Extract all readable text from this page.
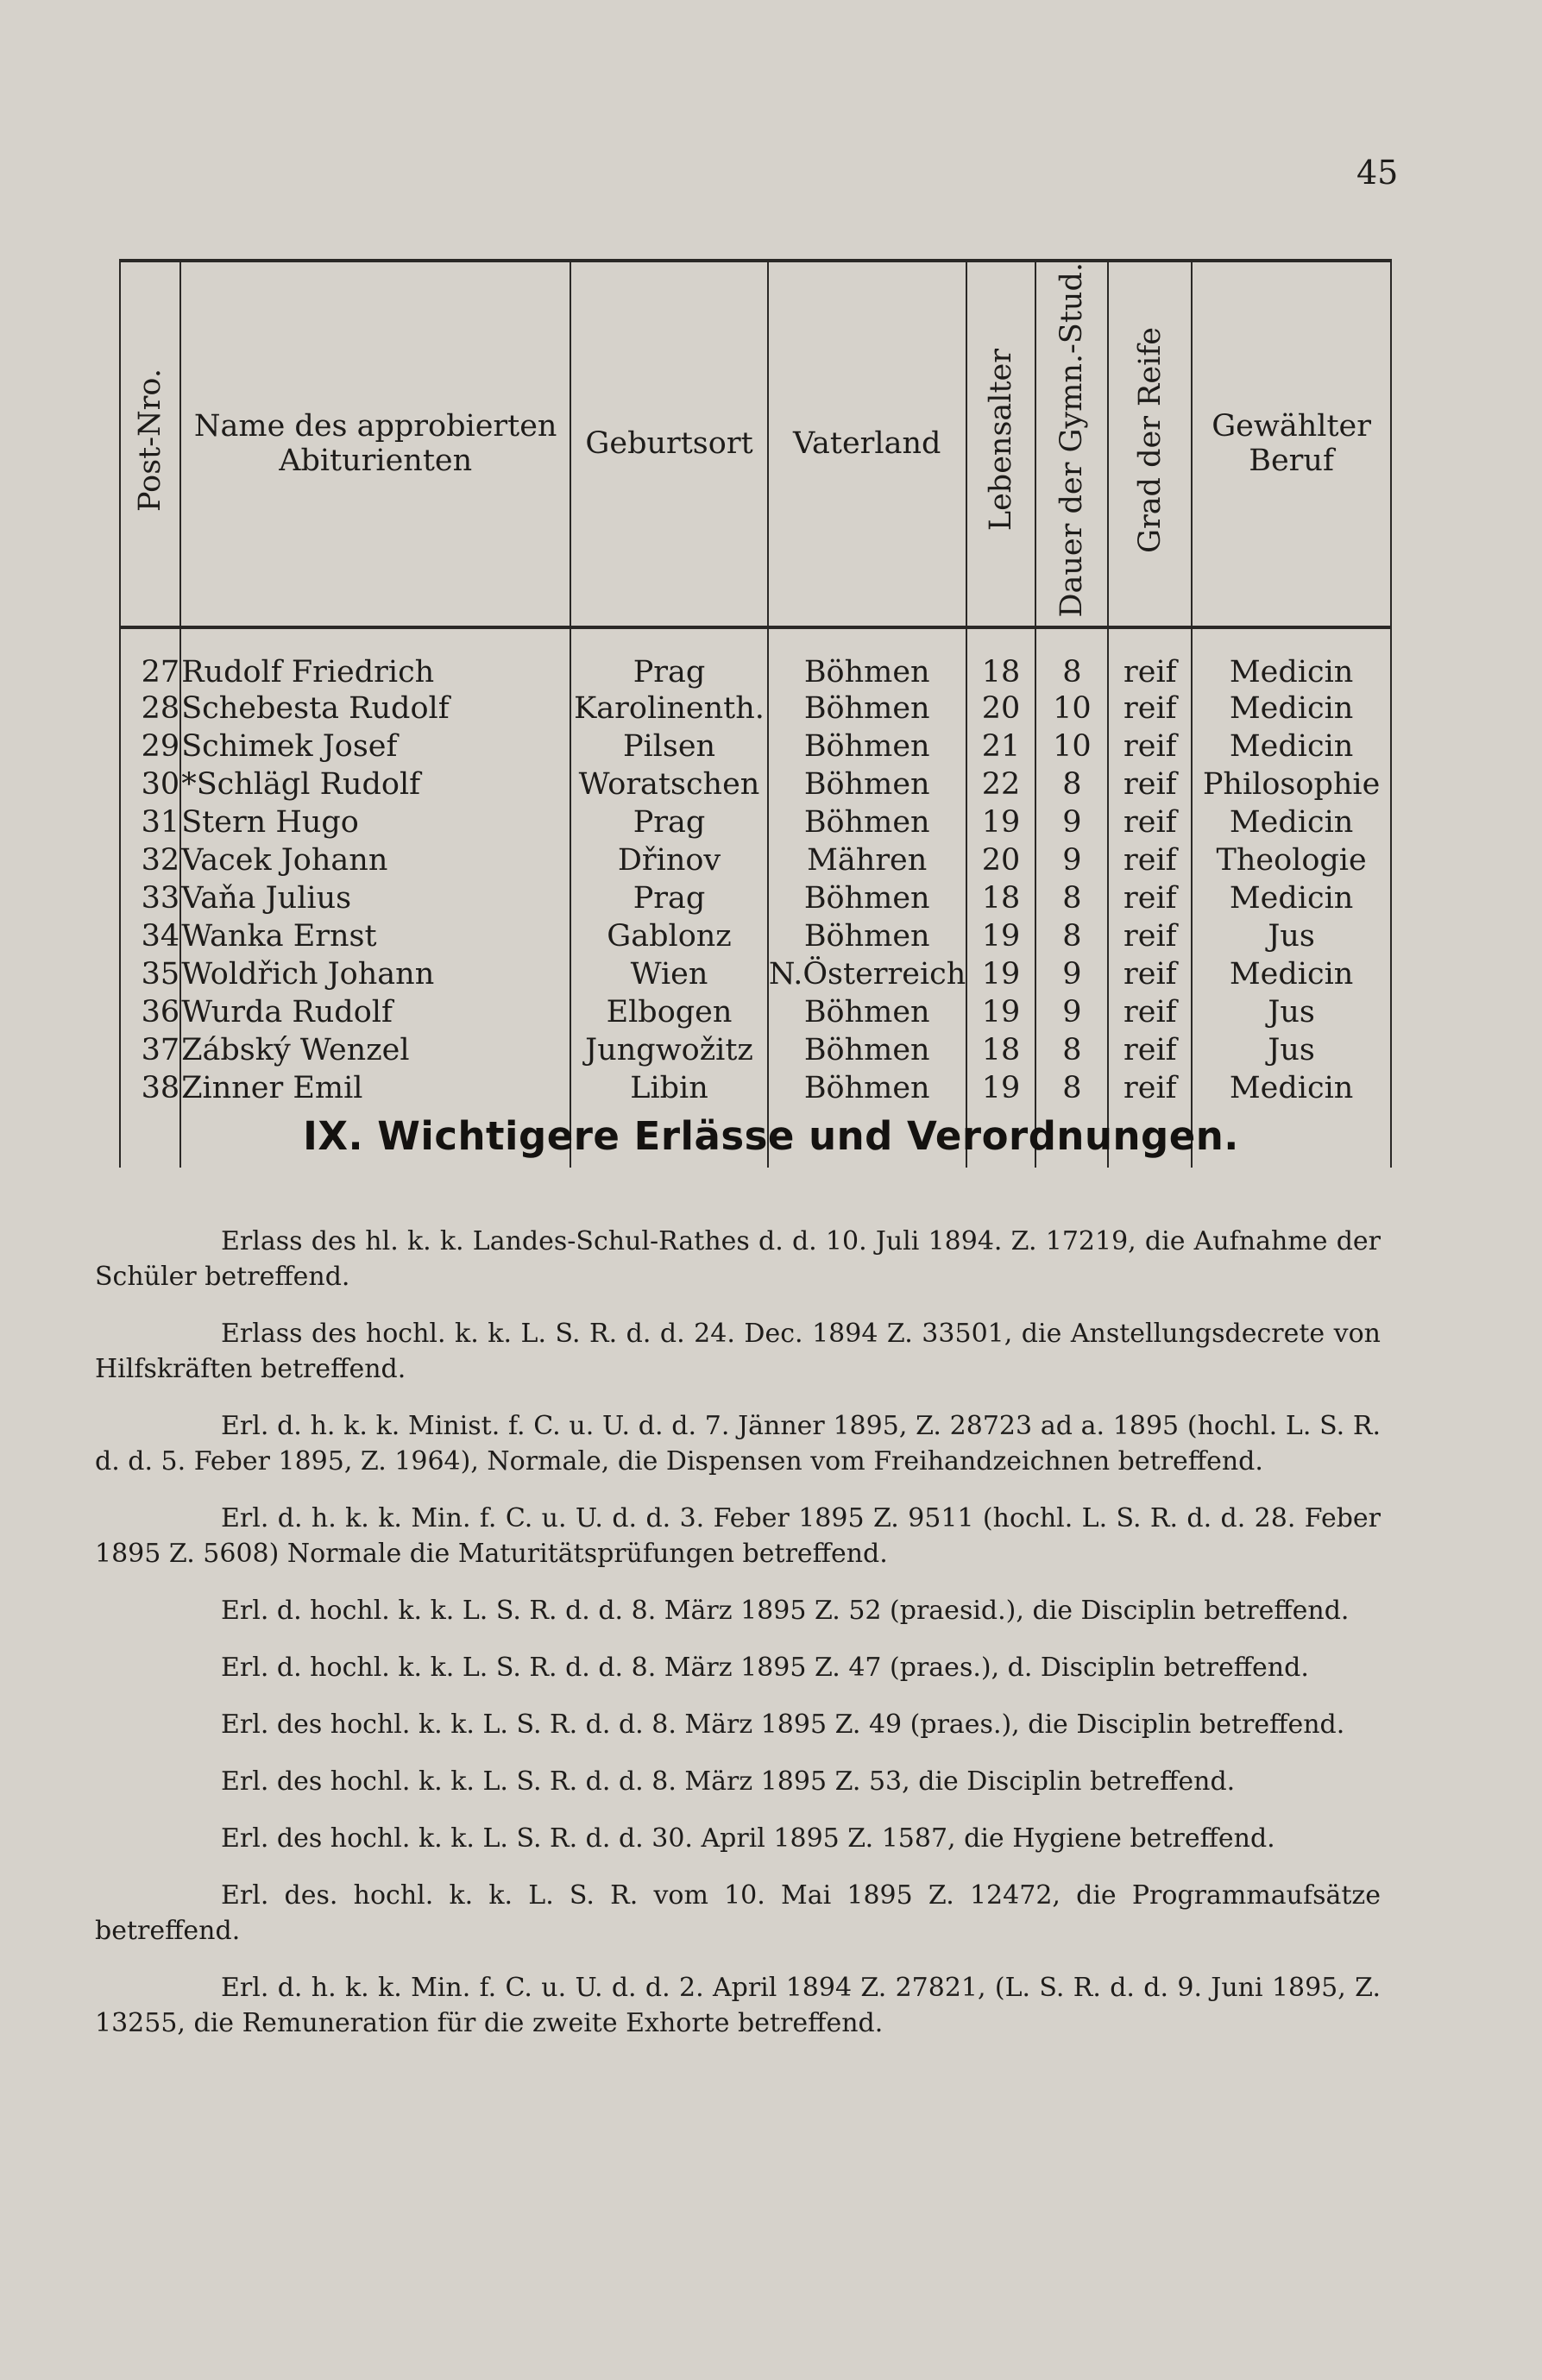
45
Post-Nro.	Name des approbierten Abiturienten	Geburtsort	Vaterland	Lebensalter	Dauer der Gymn.-Stud.	Grad der Reife	Gewählter Beruf
27	Rudolf Friedrich	Prag	Böhmen	18	8	reif	Medicin
28	Schebesta Rudolf	Karolinenth.	Böhmen	20	10	reif	Medicin
29	Schimek Josef	Pilsen	Böhmen	21	10	reif	Medicin
30	*Schlägl Rudolf	Woratschen	Böhmen	22	8	reif	Philosophie
31	Stern Hugo	Prag	Böhmen	19	9	reif	Medicin
32	Vacek Johann	Dřinov	Mähren	20	9	reif	Theologie
33	Vaňa Julius	Prag	Böhmen	18	8	reif	Medicin
34	Wanka Ernst	Gablonz	Böhmen	19	8	reif	Jus
35	Woldřich Johann	Wien	N.Österreich	19	9	reif	Medicin
36	Wurda Rudolf	Elbogen	Böhmen	19	9	reif	Jus
37	Zábský Wenzel	Jungwožitz	Böhmen	18	8	reif	Jus
38	Zinner Emil	Libin	Böhmen	19	8	reif	Medicin

IX. Wichtigere Erlässe und Verordnungen.

Erlass des hl. k. k. Landes-Schul-Rathes d. d. 10. Juli 1894. Z. 17219, die Aufnahme der Schüler betreffend.

Erlass des hochl. k. k. L. S. R. d. d. 24. Dec. 1894 Z. 33501, die Anstellungsdecrete von Hilfskräften betreffend.

Erl. d. h. k. k. Minist. f. C. u. U. d. d. 7. Jänner 1895, Z. 28723 ad a. 1895 (hochl. L. S. R. d. d. 5. Feber 1895, Z. 1964), Normale, die Dispensen vom Freihandzeichnen betreffend.

Erl. d. h. k. k. Min. f. C. u. U. d. d. 3. Feber 1895 Z. 9511 (hochl. L. S. R. d. d. 28. Feber 1895 Z. 5608) Normale die Maturitätsprüfungen betreffend.

Erl. d. hochl. k. k. L. S. R. d. d. 8. März 1895 Z. 52 (praesid.), die Disciplin betreffend.

Erl. d. hochl. k. k. L. S. R. d. d. 8. März 1895 Z. 47 (praes.), d. Disciplin betreffend.

Erl. des hochl. k. k. L. S. R. d. d. 8. März 1895 Z. 49 (praes.), die Disciplin betreffend.

Erl. des hochl. k. k. L. S. R. d. d. 8. März 1895 Z. 53, die Disciplin betreffend.

Erl. des hochl. k. k. L. S. R. d. d. 30. April 1895 Z. 1587, die Hygiene betreffend.

Erl. des. hochl. k. k. L. S. R. vom 10. Mai 1895 Z. 12472, die Programmaufsätze betreffend.

Erl. d. h. k. k. Min. f. C. u. U. d. d. 2. April 1894 Z. 27821, (L. S. R. d. d. 9. Juni 1895, Z. 13255, die Remuneration für die zweite Exhorte betreffend.
